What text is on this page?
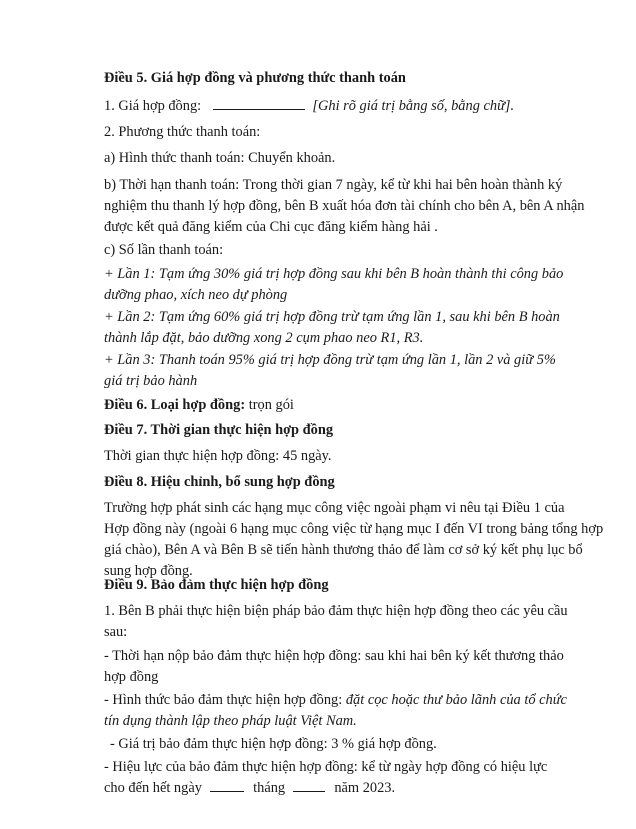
Điều 5. Giá hợp đồng và phương thức thanh toán
1. Giá hợp đồng:	[Ghi rõ giá trị bằng số, bằng chữ].
2. Phương thức thanh toán:
a) Hình thức thanh toán: Chuyển khoản.
b) Thời hạn thanh toán: Trong thời gian 7 ngày, kể từ khi hai bên hoàn thành ký
nghiệm thu thanh lý hợp đồng, bên B xuất hóa đơn tài chính cho bên A, bên A nhận
được kết quả đăng kiểm của Chi cục đăng kiểm hàng hải .
c) Số lần thanh toán:
+ Lần 1: Tạm ứng 30% giá trị hợp đồng sau khi bên B hoàn thành thi công bảo
dưỡng phao, xích neo dự phòng
+ Lần 2: Tạm ứng 60% giá trị hợp đồng trừ tạm ứng lần 1, sau khi bên B hoàn
thành lắp đặt, bảo dưỡng xong 2 cụm phao neo R1, R3.
+ Lần 3: Thanh toán 95% giá trị hợp đồng trừ tạm ứng lần 1, lần 2 và giữ 5%
giá trị bảo hành
Điều 6. Loại hợp đồng: trọn gói
Điều 7. Thời gian thực hiện hợp đồng
Thời gian thực hiện hợp đồng: 45 ngày.
Điều 8. Hiệu chỉnh, bổ sung hợp đồng
Trường hợp phát sinh các hạng mục công việc ngoài phạm vi nêu tại Điều 1 của
Hợp đồng này (ngoài 6 hạng mục công việc từ hạng mục I đến VI trong bảng tổng hợp
giá chào), Bên A và Bên B sẽ tiến hành thương thảo để làm cơ sở ký kết phụ lục bổ
sung hợp đồng.
Điều 9. Bảo đảm thực hiện hợp đồng
1. Bên B phải thực hiện biện pháp bảo đảm thực hiện hợp đồng theo các yêu cầu
sau:
- Thời hạn nộp bảo đảm thực hiện hợp đồng: sau khi hai bên ký kết thương thảo
hợp đồng
- Hình thức bảo đảm thực hiện hợp đồng: đặt cọc hoặc thư bảo lãnh của tổ chức
tín dụng thành lập theo pháp luật Việt Nam.
- Giá trị bảo đảm thực hiện hợp đồng: 3 % giá hợp đồng.
- Hiệu lực của bảo đảm thực hiện hợp đồng: kể từ ngày hợp đồng có hiệu lực
cho đến hết ngày	tháng	năm 2023.
